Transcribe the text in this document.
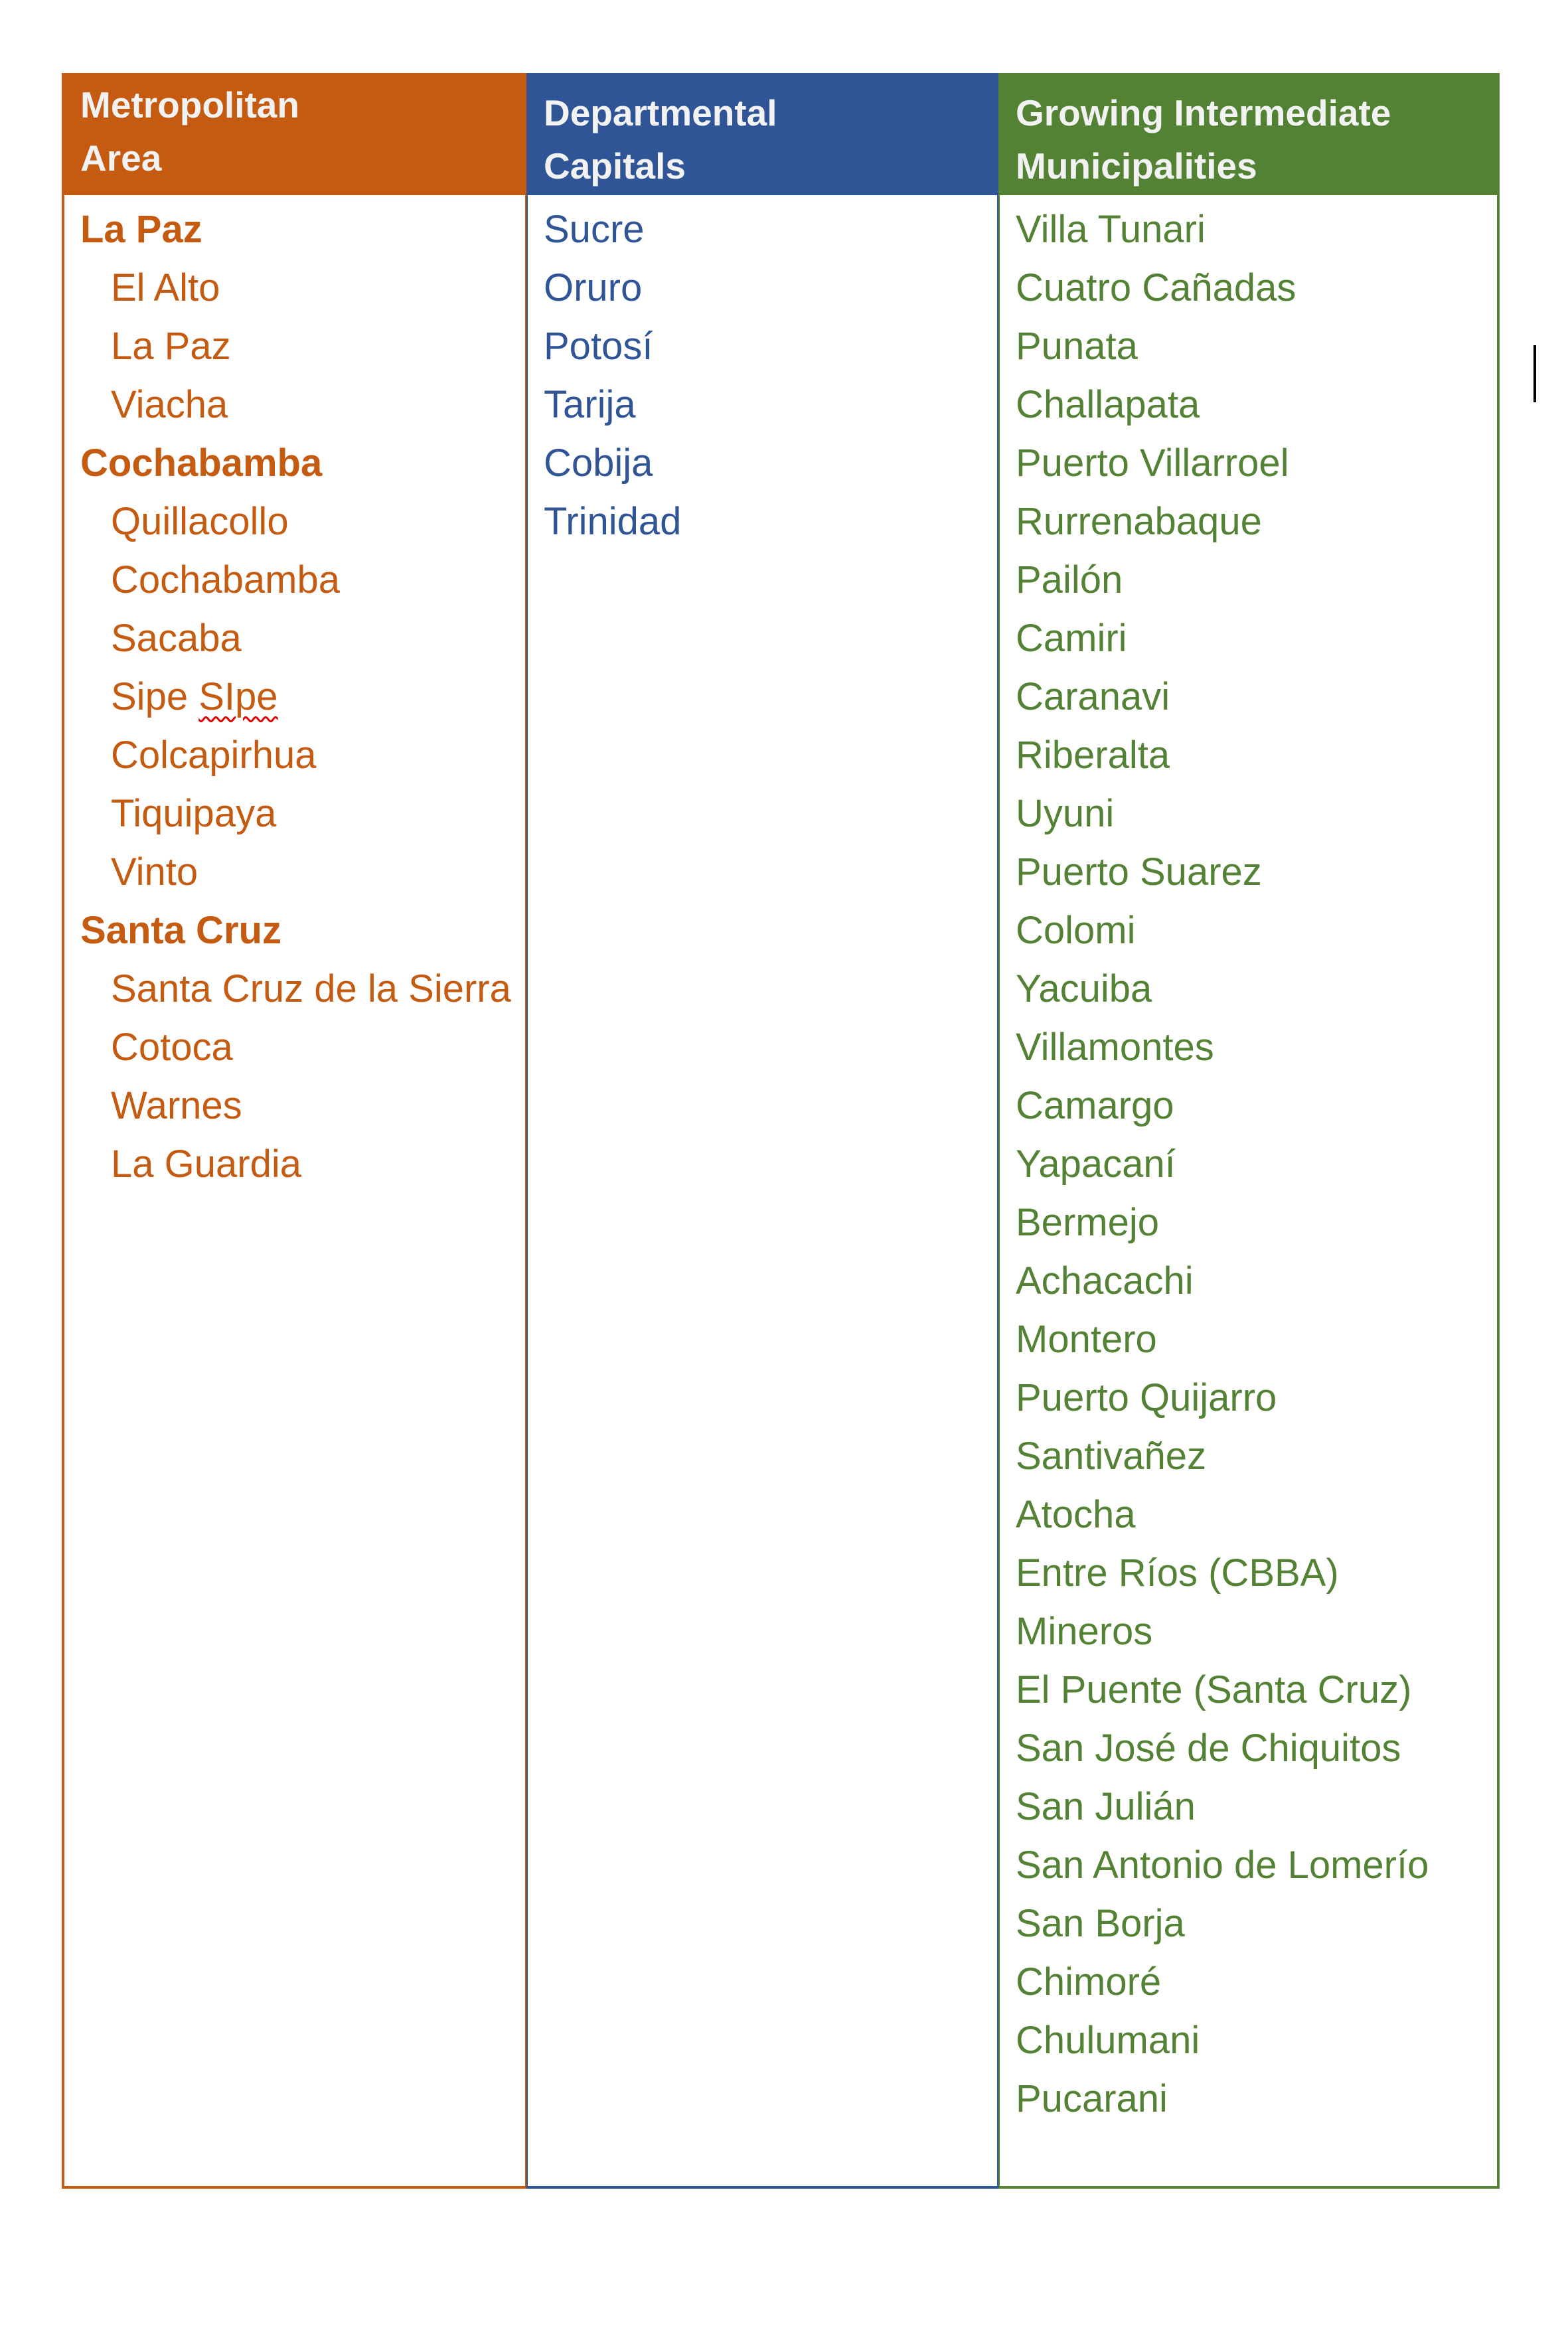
Metropolitan
Area
La Paz
El Alto
La Paz
Viacha
Cochabamba
Quillacollo
Cochabamba
Sacaba
Sipe SIpe
Colcapirhua
Tiquipaya
Vinto
Santa Cruz
Santa Cruz de la Sierra
Cotoca
Warnes
La Guardia
Departmental
Capitals
Sucre
Oruro
Potosí
Tarija
Cobija
Trinidad
Growing Intermediate
Municipalities
Villa Tunari
Cuatro Cañadas
Punata
Challapata
Puerto Villarroel
Rurrenabaque
Pailón
Camiri
Caranavi
Riberalta
Uyuni
Puerto Suarez
Colomi
Yacuiba
Villamontes
Camargo
Yapacaní
Bermejo
Achacachi
Montero
Puerto Quijarro
Santivañez
Atocha
Entre Ríos (CBBA)
Mineros
El Puente (Santa Cruz)
San José de Chiquitos
San Julián
San Antonio de Lomerío
San Borja
Chimoré
Chulumani
Pucarani
